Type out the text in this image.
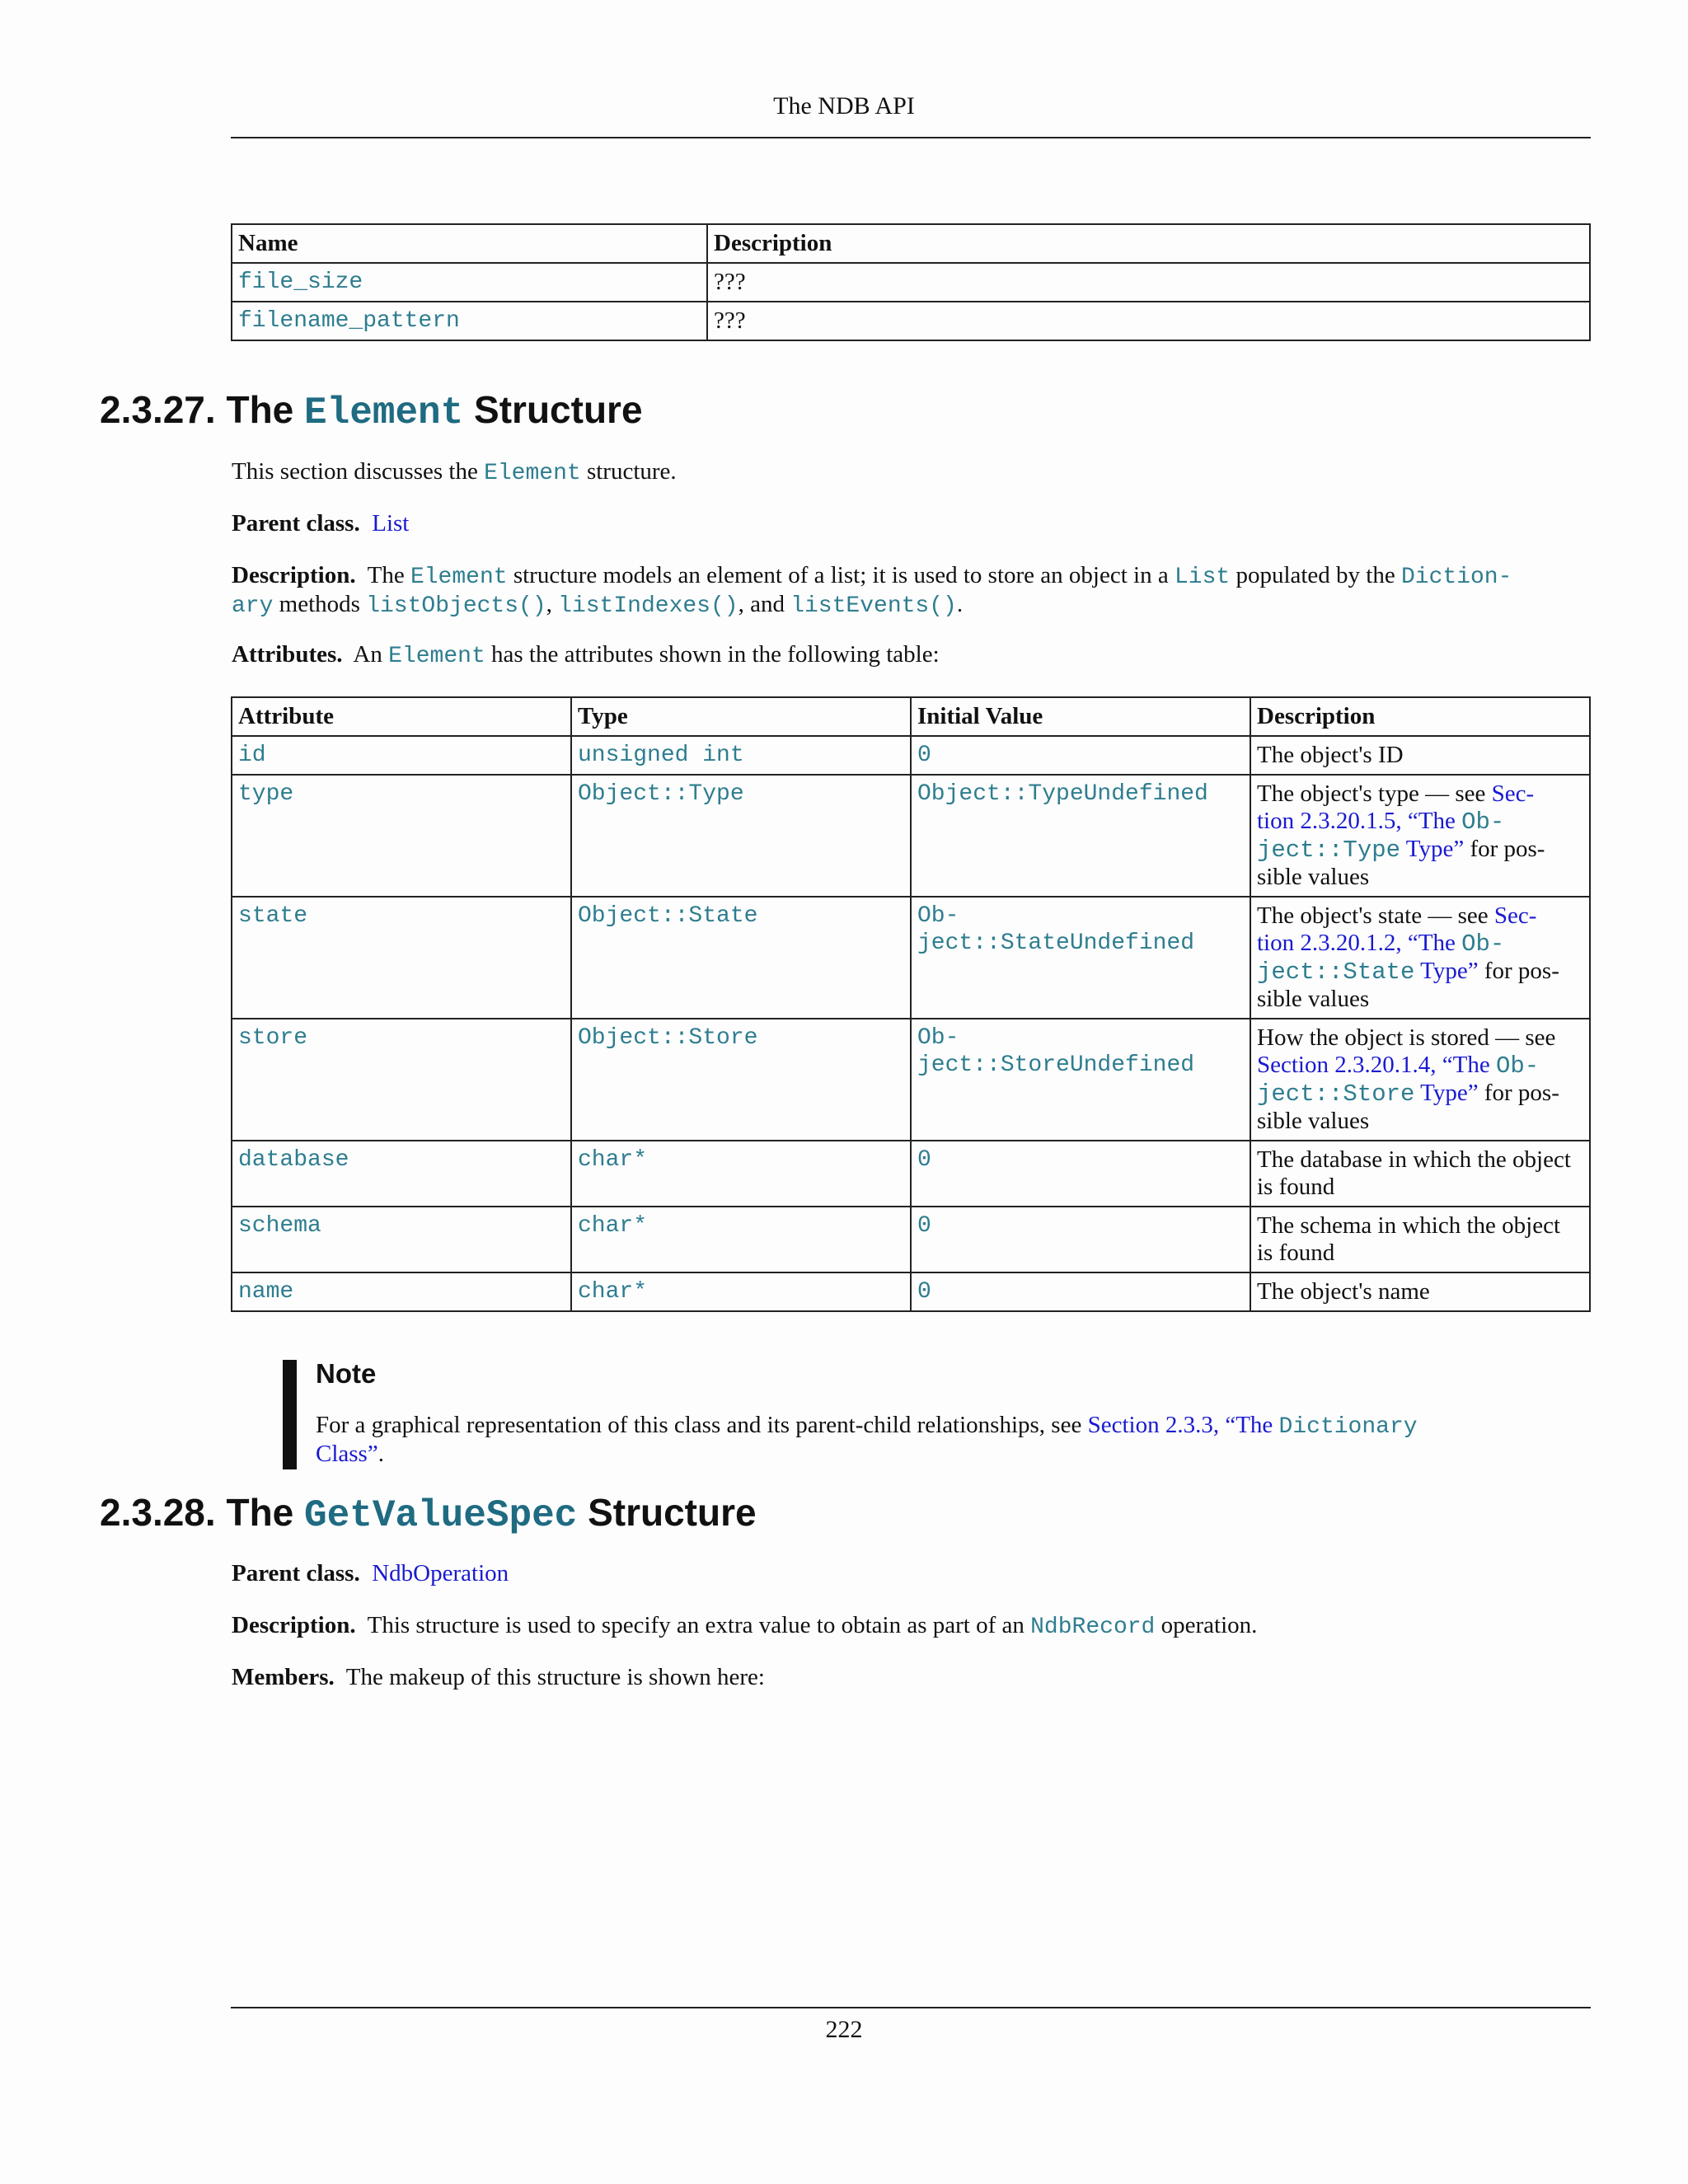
The NDB API
Name	Description
file_size	???
filename_pattern	???
2.3.27. The Element Structure

This section discusses the Element structure.

Parent class. List

Description. The Element structure models an element of a list; it is used to store an object in a List populated by the Diction-
ary methods listObjects(), listIndexes(), and listEvents().

Attributes. An Element has the attributes shown in the following table:

Attribute	Type	Initial Value	Description
id	unsigned int	0	The object's ID
type	Object::Type	Object::TypeUndefined	The object's type — see Sec-
tion 2.3.20.1.5, “The Ob-
ject::Type Type” for pos-
sible values
state	Object::State	Ob-
ject::StateUndefined	The object's state — see Sec-
tion 2.3.20.1.2, “The Ob-
ject::State Type” for pos-
sible values
store	Object::Store	Ob-
ject::StoreUndefined	How the object is stored — see
Section 2.3.20.1.4, “The Ob-
ject::Store Type” for pos-
sible values
database	char*	0	The database in which the object
is found
schema	char*	0	The schema in which the object
is found
name	char*	0	The object's name
Note

For a graphical representation of this class and its parent-child relationships, see Section 2.3.3, “The Dictionary
Class”.

2.3.28. The GetValueSpec Structure

Parent class. NdbOperation

Description. This structure is used to specify an extra value to obtain as part of an NdbRecord operation.

Members. The makeup of this structure is shown here:

222
